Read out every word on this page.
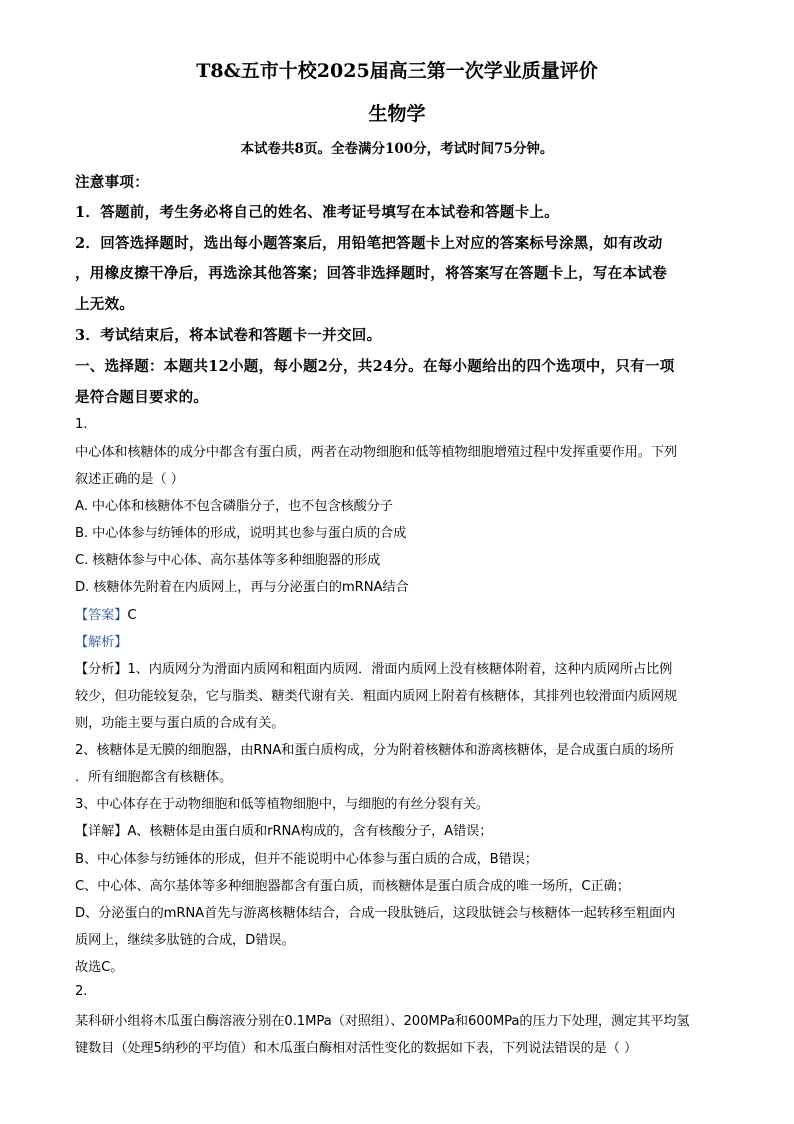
T8&五市十校2025届高三第一次学业质量评价
生物学
本试卷共8页。全卷满分100分，考试时间75分钟。
注意事项：
1．答题前，考生务必将自己的姓名、准考证号填写在本试卷和答题卡上。
2．回答选择题时，选出每小题答案后，用铅笔把答题卡上对应的答案标号涂黑，如有改动
，用橡皮擦干净后，再选涂其他答案；回答非选择题时，将答案写在答题卡上，写在本试卷
上无效。
3．考试结束后，将本试卷和答题卡一并交回。
一、选择题：本题共12小题，每小题2分，共24分。在每小题给出的四个选项中，只有一项
是符合题目要求的。
1.
中心体和核糖体的成分中都含有蛋白质，两者在动物细胞和低等植物细胞增殖过程中发挥重要作用。下列
叙述正确的是（ ）
A. 中心体和核糖体不包含磷脂分子，也不包含核酸分子
B. 中心体参与纺锤体的形成，说明其也参与蛋白质的合成
C. 核糖体参与中心体、高尔基体等多种细胞器的形成
D. 核糖体先附着在内质网上，再与分泌蛋白的mRNA结合
【答案】C
【解析】
【分析】1、内质网分为滑面内质网和粗面内质网．滑面内质网上没有核糖体附着，这种内质网所占比例
较少，但功能较复杂，它与脂类、糖类代谢有关．粗面内质网上附着有核糖体，其排列也较滑面内质网规
则，功能主要与蛋白质的合成有关。
2、核糖体是无膜的细胞器，由RNA和蛋白质构成，分为附着核糖体和游离核糖体，是合成蛋白质的场所
．所有细胞都含有核糖体。
3、中心体存在于动物细胞和低等植物细胞中，与细胞的有丝分裂有关。
【详解】A、核糖体是由蛋白质和rRNA构成的，含有核酸分子，A错误；
B、中心体参与纺锤体的形成，但并不能说明中心体参与蛋白质的合成，B错误；
C、中心体、高尔基体等多种细胞器都含有蛋白质，而核糖体是蛋白质合成的唯一场所，C正确；
D、分泌蛋白的mRNA首先与游离核糖体结合，合成一段肽链后，这段肽链会与核糖体一起转移至粗面内
质网上，继续多肽链的合成，D错误。
故选C。
2.
某科研小组将木瓜蛋白酶溶液分别在0.1MPa（对照组）、200MPa和600MPa的压力下处理，测定其平均氢
键数目（处理5纳秒的平均值）和木瓜蛋白酶相对活性变化的数据如下表，下列说法错误的是（ ）
